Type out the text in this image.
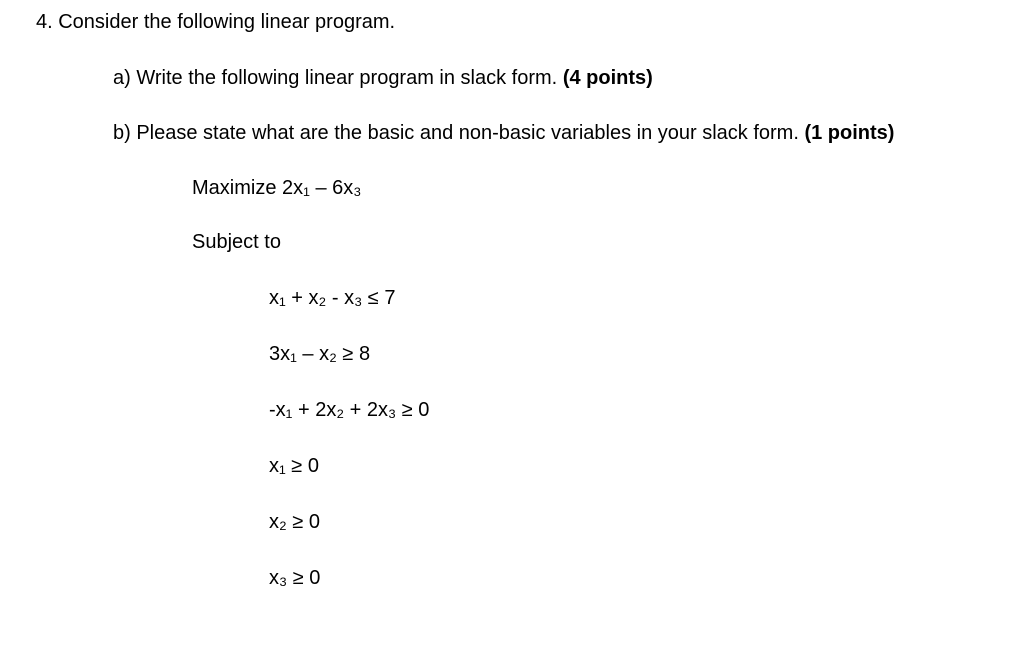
4. Consider the following linear program.
a) Write the following linear program in slack form. (4 points)
b) Please state what are the basic and non-basic variables in your slack form. (1 points)
Maximize 2x₁ – 6x₃
Subject to
x₁ + x₂ - x₃ ≤ 7
3x₁ – x₂ ≥ 8
-x₁ + 2x₂ + 2x₃ ≥ 0
x₁ ≥ 0
x₂ ≥ 0
x₃ ≥ 0
